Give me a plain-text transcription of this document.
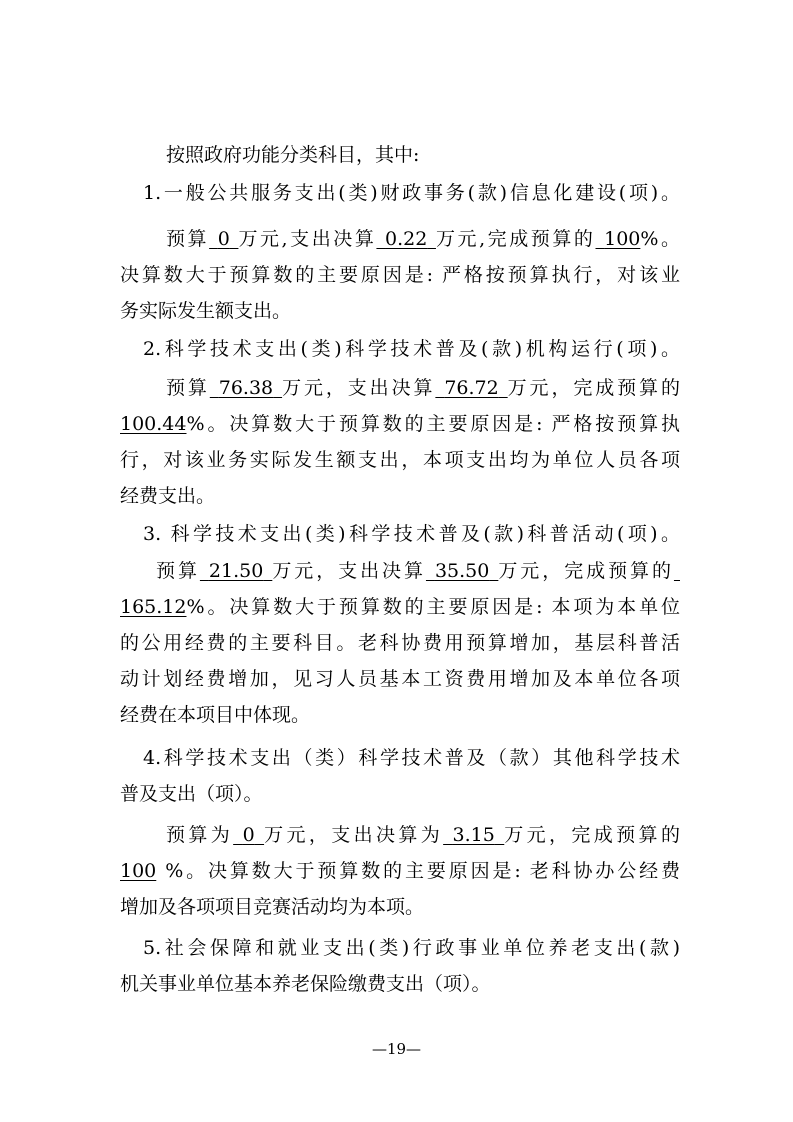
按照政府功能分类科目，其中:
1.一般公共服务支出(类)财政事务(款)信息化建设(项)。
预算 0 万元,支出决算 0.22 万元,完成预算的 100%。
决算数大于预算数的主要原因是: 严格按预算执行，对该业
务实际发生额支出。
2.科学技术支出(类)科学技术普及(款)机构运行(项)。
预算 76.38 万元，支出决算 76.72 万元，完成预算的
100.44%。决算数大于预算数的主要原因是: 严格按预算执
行，对该业务实际发生额支出，本项支出均为单位人员各项
经费支出。
3. 科学技术支出(类)科学技术普及(款)科普活动(项)。
预算 21.50 万元，支出决算 35.50 万元，完成预算的
165.12%。决算数大于预算数的主要原因是: 本项为本单位
的公用经费的主要科目。老科协费用预算增加，基层科普活
动计划经费增加，见习人员基本工资费用增加及本单位各项
经费在本项目中体现。
4.科学技术支出（类）科学技术普及（款）其他科学技术
普及支出（项）。
预算为 0 万元，支出决算为 3.15 万元，完成预算的
100 %。决算数大于预算数的主要原因是: 老科协办公经费
增加及各项项目竞赛活动均为本项。
5.社会保障和就业支出(类)行政事业单位养老支出(款)
机关事业单位基本养老保险缴费支出（项）。
—19—
